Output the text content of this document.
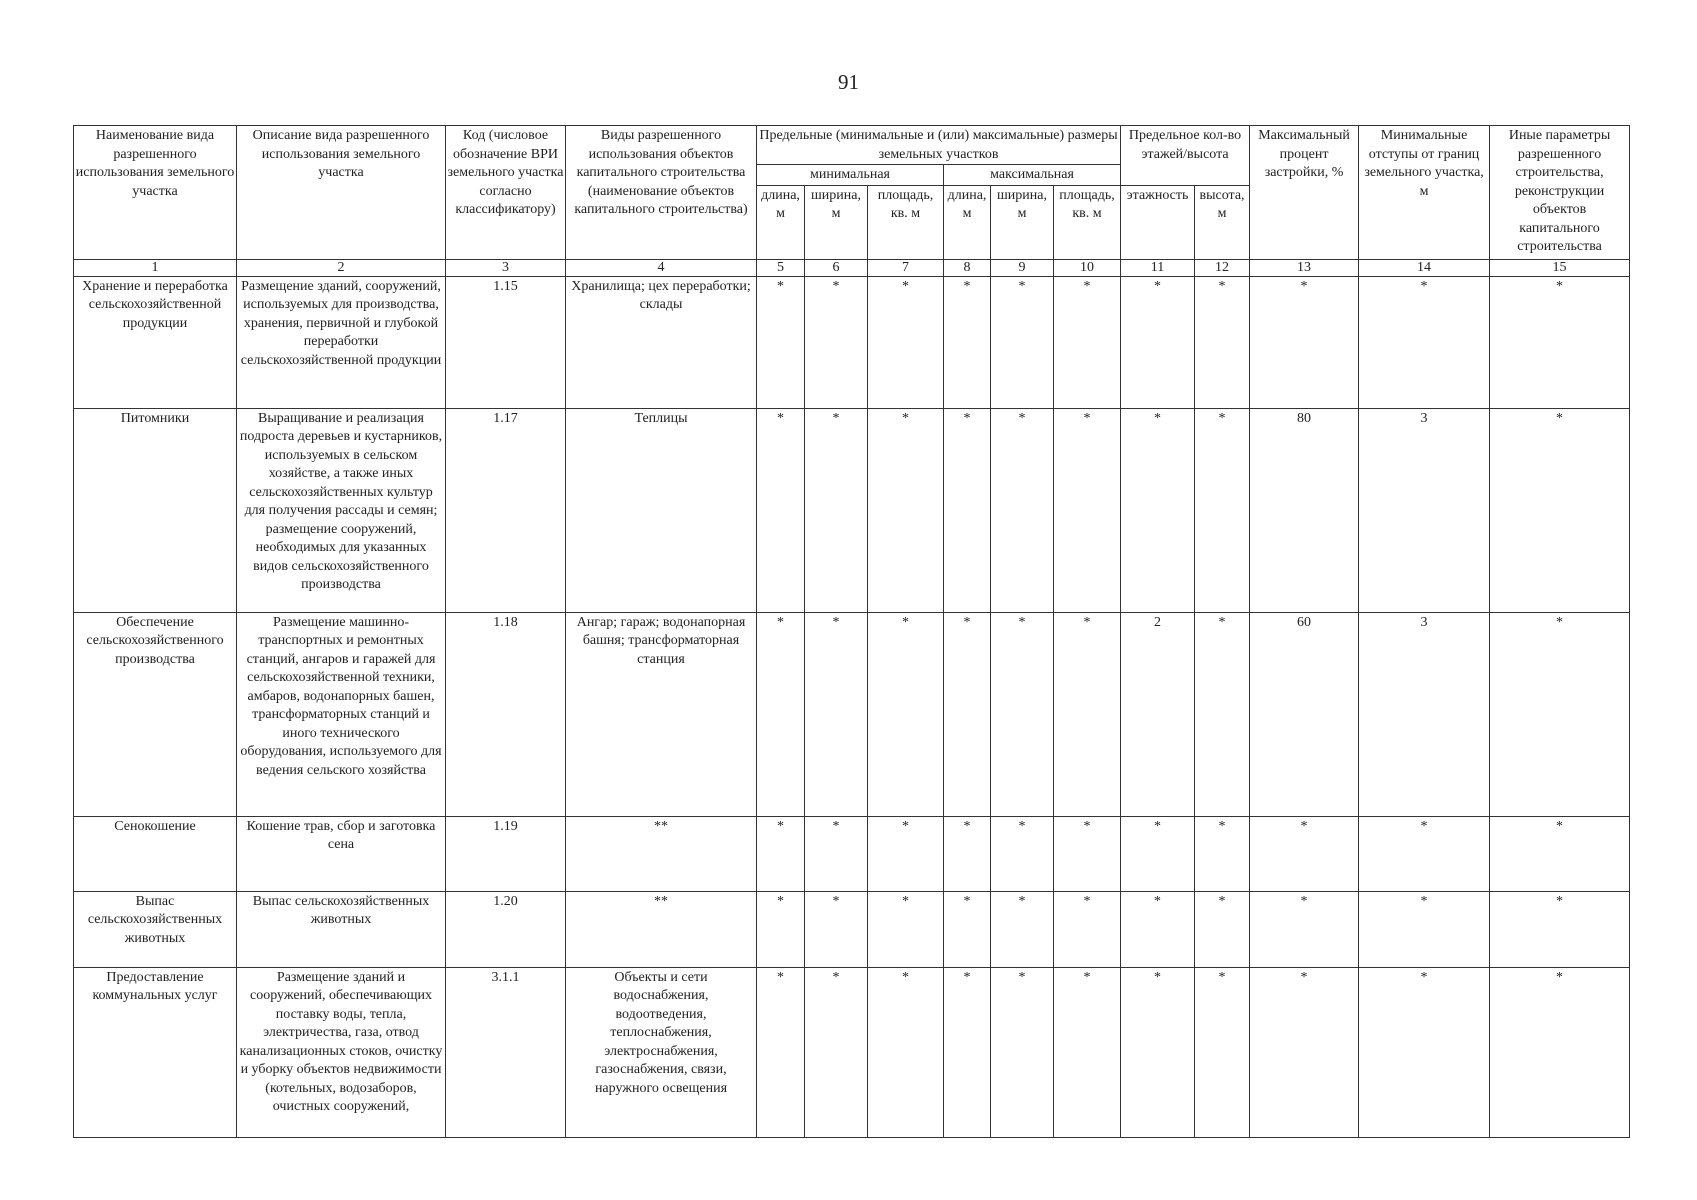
91
Наименование вида разрешенного использования земельного участка	Описание вида разрешенного использования земельного участка	Код (числовое обозначение ВРИ земельного участка согласно классификатору)	Виды разрешенного использования объектов капитального строительства (наименование объектов капитального строительства)	Предельные (минимальные и (или) максимальные) размеры земельных участков						Предельное кол-во этажей/высота		Максимальный процент застройки, %	Минимальные отступы от границ земельного участка, м	Иные параметры разрешенного строительства, реконструкции объектов капитального строительства
				минимальная			максимальная							
				длина, м	ширина, м	площадь, кв. м	длина, м	ширина, м	площадь, кв. м	этажность	высота, м			
1	2	3	4	5	6	7	8	9	10	11	12	13	14	15
Хранение и переработка сельскохозяйственной продукции	Размещение зданий, сооружений, используемых для производства, хранения, первичной и глубокой переработки сельскохозяйственной продукции	1.15	Хранилища; цех переработки; склады	*	*	*	*	*	*	*	*	*	*	*
Питомники	Выращивание и реализация подроста деревьев и кустарников, используемых в сельском хозяйстве, а также иных сельскохозяйственных культур для получения рассады и семян; размещение сооружений, необходимых для указанных видов сельскохозяйственного производства	1.17	Теплицы	*	*	*	*	*	*	*	*	80	3	*
Обеспечение сельскохозяйственного производства	Размещение машинно-транспортных и ремонтных станций, ангаров и гаражей для сельскохозяйственной техники, амбаров, водонапорных башен, трансформаторных станций и иного технического оборудования, используемого для ведения сельского хозяйства	1.18	Ангар; гараж; водонапорная башня; трансформаторная станция	*	*	*	*	*	*	2	*	60	3	*
Сенокошение	Кошение трав, сбор и заготовка сена	1.19	**	*	*	*	*	*	*	*	*	*	*	*
Выпас сельскохозяйственных животных	Выпас сельскохозяйственных животных	1.20	**	*	*	*	*	*	*	*	*	*	*	*
Предоставление коммунальных услуг	Размещение зданий и сооружений, обеспечивающих поставку воды, тепла, электричества, газа, отвод канализационных стоков, очистку и уборку объектов недвижимости (котельных, водозаборов, очистных сооружений,	3.1.1	Объекты и сети водоснабжения, водоотведения, теплоснабжения, электроснабжения, газоснабжения, связи, наружного освещения	*	*	*	*	*	*	*	*	*	*	*
